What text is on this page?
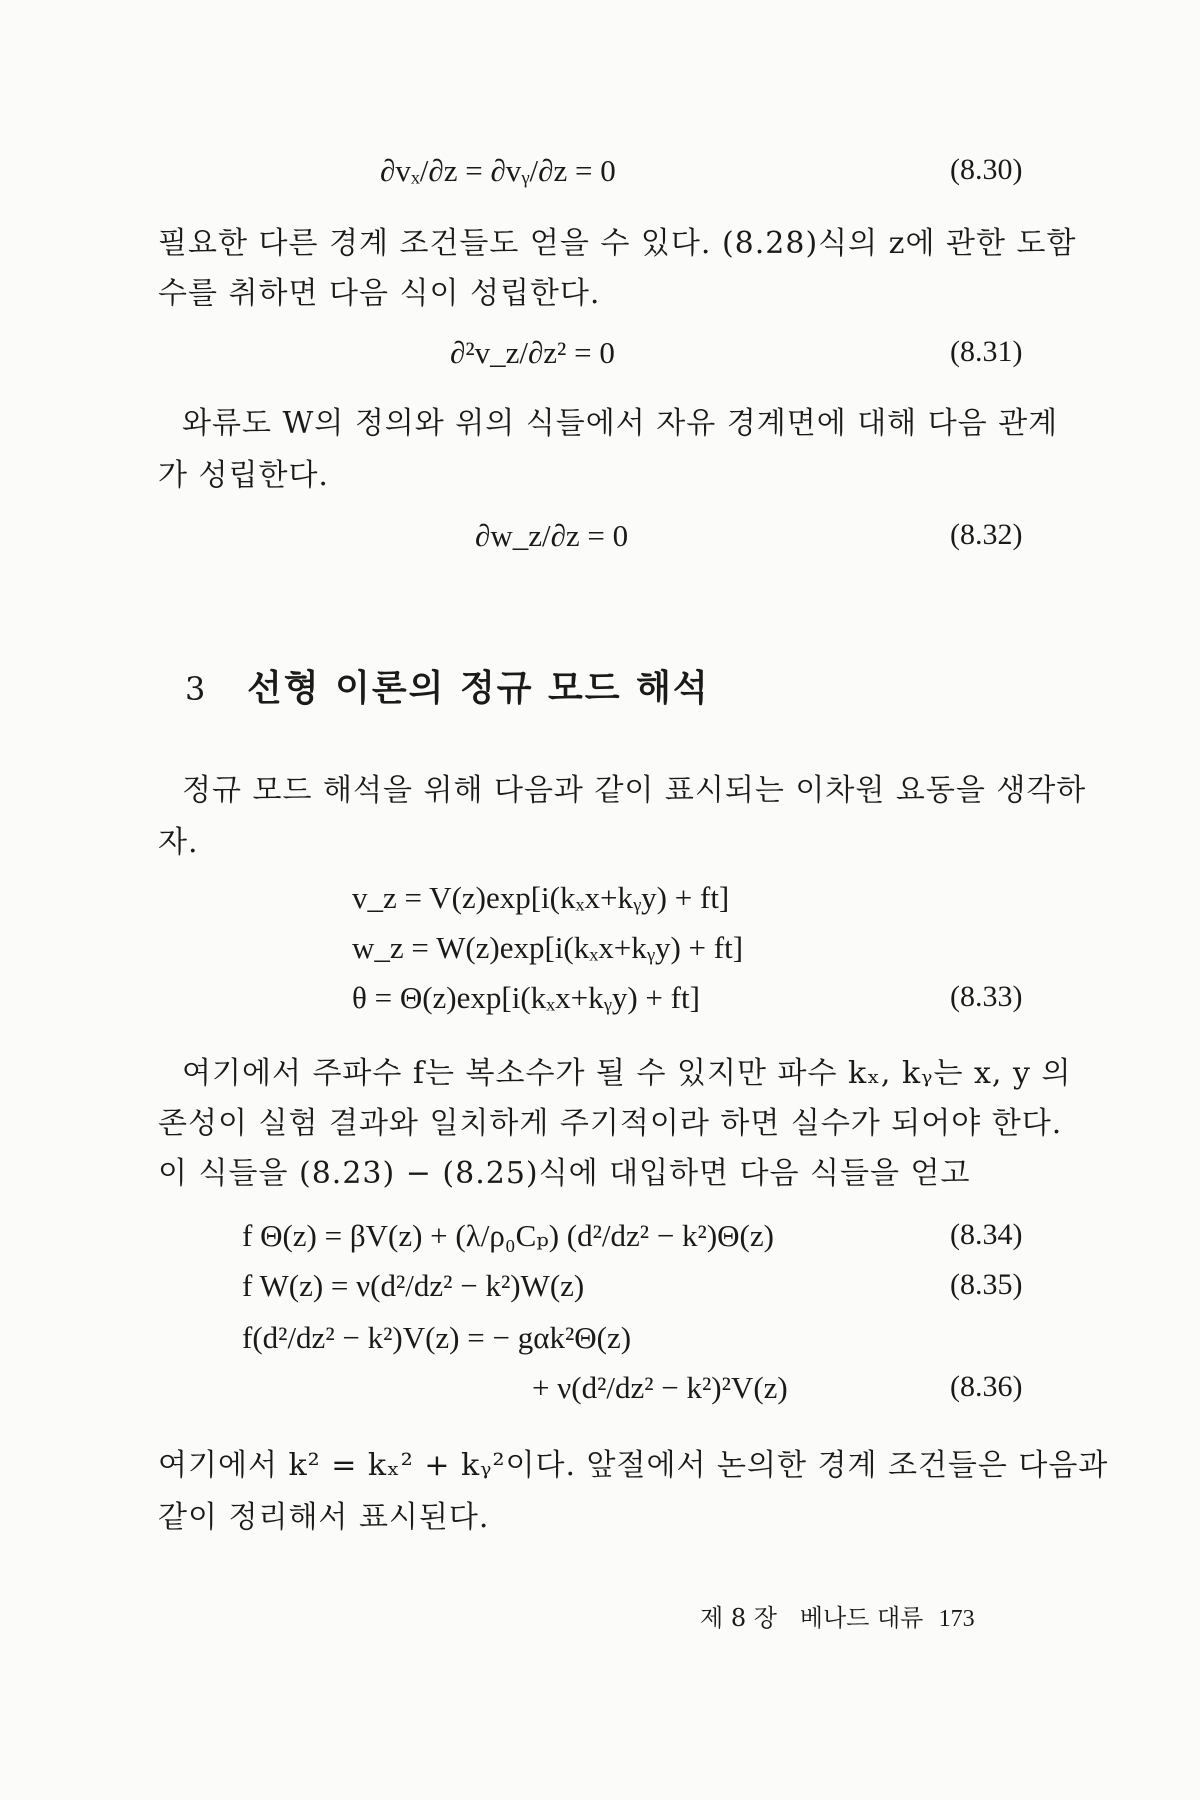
∂vₓ/∂z = ∂vᵧ/∂z = 0	(8.30)
필요한 다른 경계 조건들도 얻을 수 있다. (8.28)식의 z에 관한 도함
수를 취하면 다음 식이 성립한다.
∂²v_z/∂z² = 0	(8.31)
와류도 W의 정의와 위의 식들에서 자유 경계면에 대해 다음 관계
가 성립한다.
∂w_z/∂z = 0	(8.32)
3 선형 이론의 정규 모드 해석
정규 모드 해석을 위해 다음과 같이 표시되는 이차원 요동을 생각하
자.
v_z = V(z)exp[i(kₓx+kᵧy) + ft]
w_z = W(z)exp[i(kₓx+kᵧy) + ft]
θ = Θ(z)exp[i(kₓx+kᵧy) + ft]	(8.33)
여기에서 주파수 f는 복소수가 될 수 있지만 파수 kₓ, kᵧ는 x, y 의
존성이 실험 결과와 일치하게 주기적이라 하면 실수가 되어야 한다.
이 식들을 (8.23) − (8.25)식에 대입하면 다음 식들을 얻고
f Θ(z) = βV(z) + (λ/ρ₀Cₚ) (d²/dz² − k²)Θ(z)	(8.34)
f W(z) = ν(d²/dz² − k²)W(z)	(8.35)
f(d²/dz² − k²)V(z) = − gαk²Θ(z)
+ ν(d²/dz² − k²)²V(z)	(8.36)
여기에서 k² = kₓ² + kᵧ²이다. 앞절에서 논의한 경계 조건들은 다음과
같이 정리해서 표시된다.
제 8 장 베나드 대류 173
